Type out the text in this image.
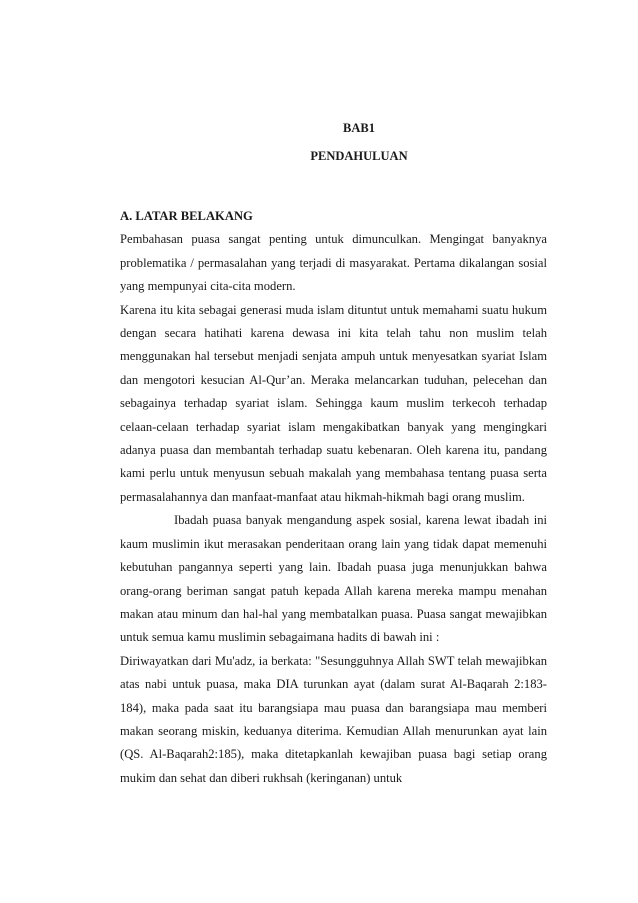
BAB1
PENDAHULUAN

A. LATAR BELAKANG

Pembahasan puasa sangat penting untuk dimunculkan. Mengingat banyaknya problematika / permasalahan yang terjadi di masyarakat. Pertama dikalangan sosial yang mempunyai cita-cita modern.

Karena itu kita sebagai generasi muda islam dituntut untuk memahami suatu hukum dengan secara hatihati karena dewasa ini kita telah tahu non muslim telah menggunakan hal tersebut menjadi senjata ampuh untuk menyesatkan syariat Islam dan mengotori kesucian Al-Qur’an. Meraka melancarkan tuduhan, pelecehan dan sebagainya terhadap syariat islam. Sehingga kaum muslim terkecoh terhadap celaan-celaan terhadap syariat islam mengakibatkan banyak yang mengingkari adanya puasa dan membantah terhadap suatu kebenaran. Oleh karena itu, pandang kami perlu untuk menyusun sebuah makalah yang membahasa tentang puasa serta permasalahannya dan manfaat-manfaat atau hikmah-hikmah bagi orang muslim.

Ibadah puasa banyak mengandung aspek sosial, karena lewat ibadah ini kaum muslimin ikut merasakan penderitaan orang lain yang tidak dapat memenuhi kebutuhan pangannya seperti yang lain. Ibadah puasa juga menunjukkan bahwa orang-orang beriman sangat patuh kepada Allah karena mereka mampu menahan makan atau minum dan hal-hal yang membatalkan puasa. Puasa sangat mewajibkan untuk semua kamu muslimin sebagaimana hadits di bawah ini :

Diriwayatkan dari Mu'adz, ia berkata: "Sesungguhnya Allah SWT telah mewajibkan atas nabi untuk puasa, maka DIA turunkan ayat (dalam surat Al-Baqarah 2:183-184), maka pada saat itu barangsiapa mau puasa dan barangsiapa mau memberi makan seorang miskin, keduanya diterima. Kemudian Allah menurunkan ayat lain (QS. Al-Baqarah2:185), maka ditetapkanlah kewajiban puasa bagi setiap orang mukim dan sehat dan diberi rukhsah (keringanan) untuk
